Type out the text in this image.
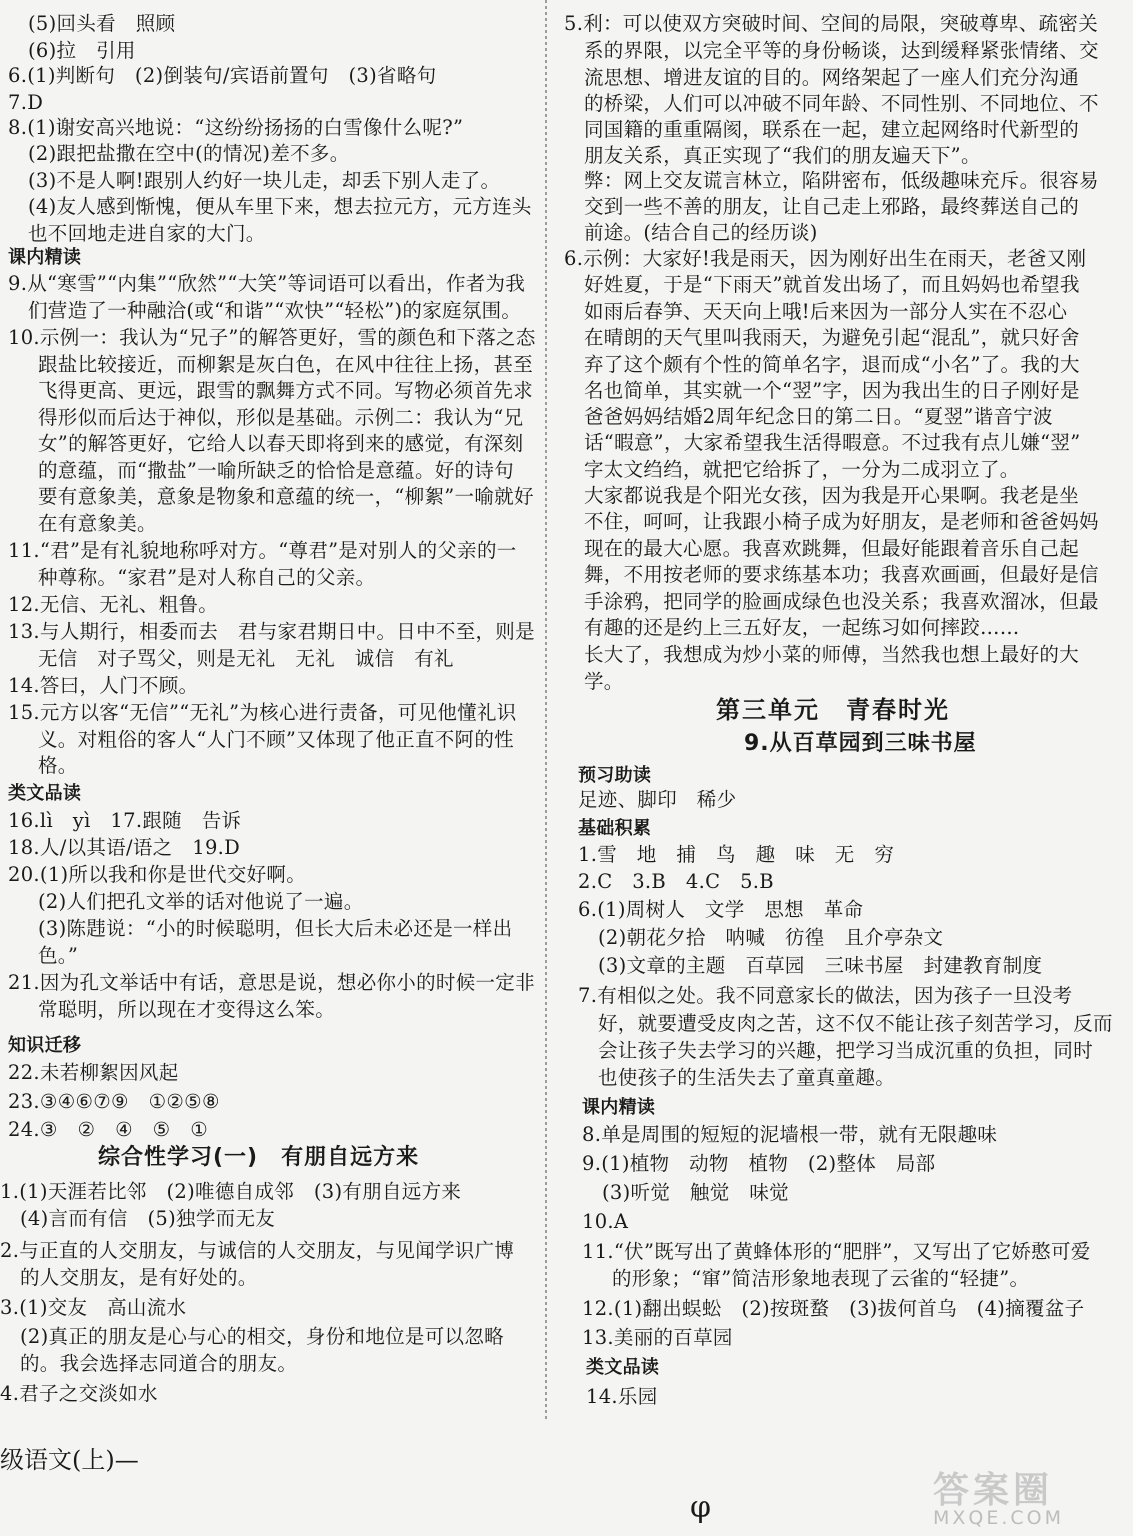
(5)回头看　照顾
(6)拉　引用
6.(1)判断句　(2)倒装句/宾语前置句　(3)省略句
7.D
8.(1)谢安高兴地说：“这纷纷扬扬的白雪像什么呢?”
(2)跟把盐撒在空中(的情况)差不多。
(3)不是人啊!跟别人约好一块儿走，却丢下别人走了。
(4)友人感到惭愧，便从车里下来，想去拉元方，元方连头
也不回地走进自家的大门。
课内精读
9.从“寒雪”“内集”“欣然”“大笑”等词语可以看出，作者为我
们营造了一种融洽(或“和谐”“欢快”“轻松”)的家庭氛围。
10.示例一：我认为“兄子”的解答更好，雪的颜色和下落之态
跟盐比较接近，而柳絮是灰白色，在风中往往上扬，甚至
飞得更高、更远，跟雪的飘舞方式不同。写物必须首先求
得形似而后达于神似，形似是基础。示例二：我认为“兄
女”的解答更好，它给人以春天即将到来的感觉，有深刻
的意蕴，而“撒盐”一喻所缺乏的恰恰是意蕴。好的诗句
要有意象美，意象是物象和意蕴的统一，“柳絮”一喻就好
在有意象美。
11.“君”是有礼貌地称呼对方。“尊君”是对别人的父亲的一
种尊称。“家君”是对人称自己的父亲。
12.无信、无礼、粗鲁。
13.与人期行，相委而去　君与家君期日中。日中不至，则是
无信　对子骂父，则是无礼　无礼　诚信　有礼
14.答曰，人门不顾。
15.元方以客“无信”“无礼”为核心进行责备，可见他懂礼识
义。对粗俗的客人“人门不顾”又体现了他正直不阿的性
格。
类文品读
16.lì　yì　17.跟随　告诉
18.人/以其语/语之　19.D
20.(1)所以我和你是世代交好啊。
(2)人们把孔文举的话对他说了一遍。
(3)陈韪说：“小的时候聪明，但长大后未必还是一样出
色。”
21.因为孔文举话中有话，意思是说，想必你小的时候一定非
常聪明，所以现在才变得这么笨。
知识迁移
22.未若柳絮因风起
23.③④⑥⑦⑨　①②⑤⑧
24.③　②　④　⑤　①
综合性学习(一)　有朋自远方来
1.(1)天涯若比邻　(2)唯德自成邻　(3)有朋自远方来
(4)言而有信　(5)独学而无友
2.与正直的人交朋友，与诚信的人交朋友，与见闻学识广博
的人交朋友，是有好处的。
3.(1)交友　高山流水
(2)真正的朋友是心与心的相交，身份和地位是可以忽略
的。我会选择志同道合的朋友。
4.君子之交淡如水
5.利：可以使双方突破时间、空间的局限，突破尊卑、疏密关
系的界限，以完全平等的身份畅谈，达到缓释紧张情绪、交
流思想、增进友谊的目的。网络架起了一座人们充分沟通
的桥梁，人们可以冲破不同年龄、不同性别、不同地位、不
同国籍的重重隔阂，联系在一起，建立起网络时代新型的
朋友关系，真正实现了“我们的朋友遍天下”。
弊：网上交友谎言林立，陷阱密布，低级趣味充斥。很容易
交到一些不善的朋友，让自己走上邪路，最终葬送自己的
前途。(结合自己的经历谈)
6.示例：大家好!我是雨天，因为刚好出生在雨天，老爸又刚
好姓夏，于是“下雨天”就首发出场了，而且妈妈也希望我
如雨后春笋、天天向上哦!后来因为一部分人实在不忍心
在晴朗的天气里叫我雨天，为避免引起“混乱”，就只好舍
弃了这个颇有个性的简单名字，退而成“小名”了。我的大
名也简单，其实就一个“翌”字，因为我出生的日子刚好是
爸爸妈妈结婚2周年纪念日的第二日。“夏翌”谐音宁波
话“暇意”，大家希望我生活得暇意。不过我有点儿嫌“翌”
字太文绉绉，就把它给拆了，一分为二成羽立了。
大家都说我是个阳光女孩，因为我是开心果啊。我老是坐
不住，呵呵，让我跟小椅子成为好朋友，是老师和爸爸妈妈
现在的最大心愿。我喜欢跳舞，但最好能跟着音乐自己起
舞，不用按老师的要求练基本功；我喜欢画画，但最好是信
手涂鸦，把同学的脸画成绿色也没关系；我喜欢溜冰，但最
有趣的还是约上三五好友，一起练习如何摔跤……
长大了，我想成为炒小菜的师傅，当然我也想上最好的大
学。
第三单元　青春时光
9.从百草园到三味书屋
预习助读
足迹、脚印　稀少
基础积累
1.雪　地　捕　鸟　趣　味　无　穷
2.C　3.B　4.C　5.B
6.(1)周树人　文学　思想　革命
(2)朝花夕拾　呐喊　彷徨　且介亭杂文
(3)文章的主题　百草园　三味书屋　封建教育制度
7.有相似之处。我不同意家长的做法，因为孩子一旦没考
好，就要遭受皮肉之苦，这不仅不能让孩子刻苦学习，反而
会让孩子失去学习的兴趣，把学习当成沉重的负担，同时
也使孩子的生活失去了童真童趣。
课内精读
8.单是周围的短短的泥墙根一带，就有无限趣味
9.(1)植物　动物　植物　(2)整体　局部
(3)听觉　触觉　味觉
10.A
11.“伏”既写出了黄蜂体形的“肥胖”，又写出了它娇憨可爱
的形象；“窜”简洁形象地表现了云雀的“轻捷”。
12.(1)翻出蜈蚣　(2)按斑蝥　(3)拔何首乌　(4)摘覆盆子
13.美丽的百草园
类文品读
14.乐园
级语文(上)—
φ	答案圈
MXQE.COM
